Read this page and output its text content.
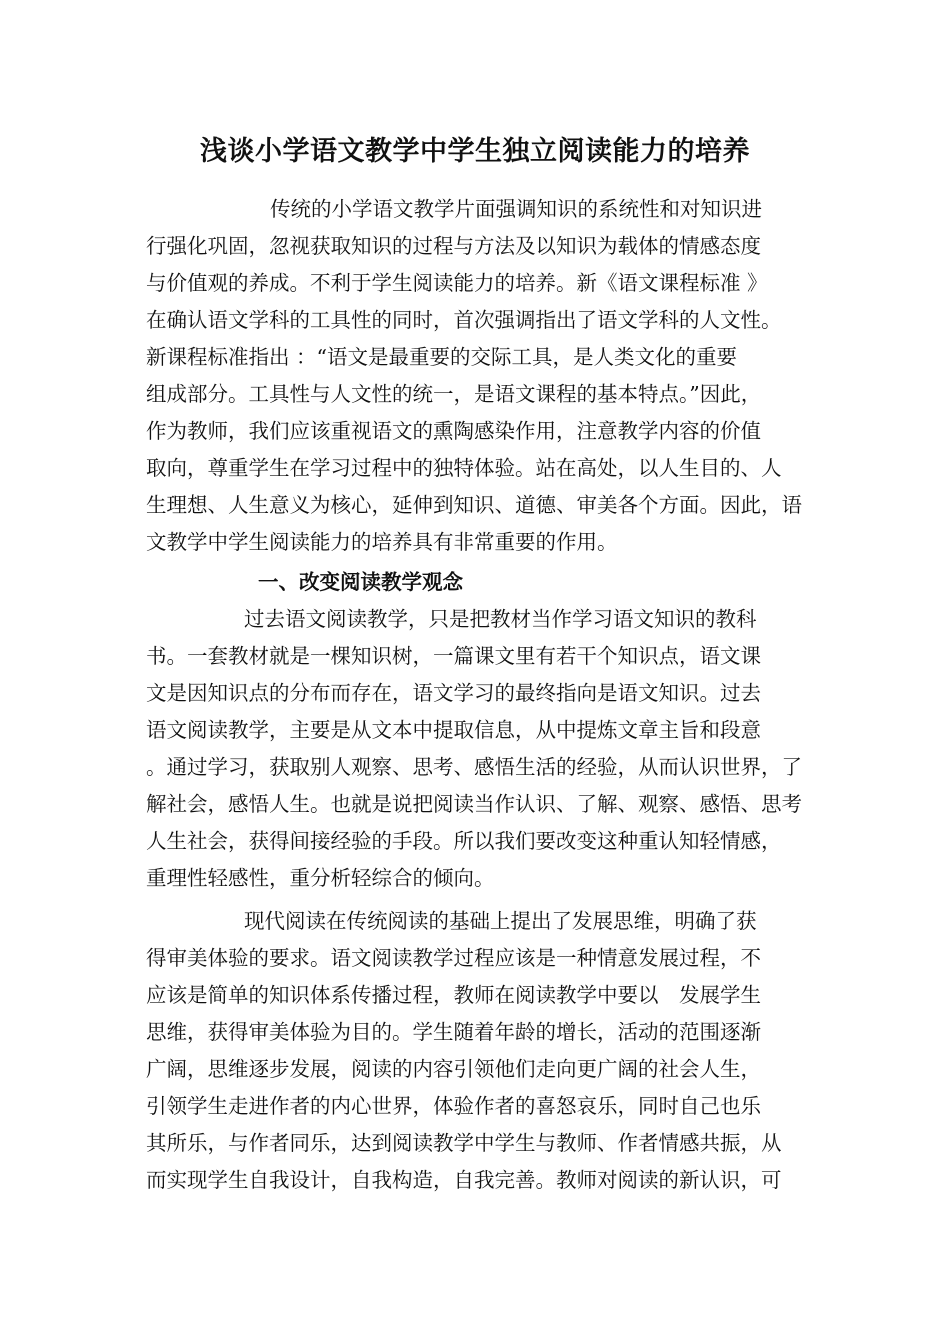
浅谈小学语文教学中学生独立阅读能力的培养
传统的小学语文教学片面强调知识的系统性和对知识进
行强化巩固，忽视获取知识的过程与方法及以知识为载体的情感态度
与价值观的养成。不利于学生阅读能力的培养。新《语文课程标准 》
在确认语文学科的工具性的同时，首次强调指出了语文学科的人文性。
新课程标准指出 ：“语文是最重要的交际工具，是人类文化的重要
组成部分。工具性与人文性的统一，是语文课程的基本特点。”因此，
作为教师，我们应该重视语文的熏陶感染作用，注意教学内容的价值
取向，尊重学生在学习过程中的独特体验。站在高处，以人生目的、人
生理想、人生意义为核心，延伸到知识、道德、审美各个方面。因此，语
文教学中学生阅读能力的培养具有非常重要的作用。
一、改变阅读教学观念
过去语文阅读教学，只是把教材当作学习语文知识的教科
书。一套教材就是一棵知识树，一篇课文里有若干个知识点，语文课
文是因知识点的分布而存在，语文学习的最终指向是语文知识。过去
语文阅读教学，主要是从文本中提取信息，从中提炼文章主旨和段意
。通过学习，获取别人观察、思考、感悟生活的经验，从而认识世界，了
解社会，感悟人生。也就是说把阅读当作认识、了解、观察、感悟、思考
人生社会，获得间接经验的手段。所以我们要改变这种重认知轻情感，
重理性轻感性，重分析轻综合的倾向。
现代阅读在传统阅读的基础上提出了发展思维，明确了获
得审美体验的要求。语文阅读教学过程应该是一种情意发展过程，不
应该是简单的知识体系传播过程，教师在阅读教学中要以　发展学生
思维，获得审美体验为目的。学生随着年龄的增长，活动的范围逐渐
广阔，思维逐步发展，阅读的内容引领他们走向更广阔的社会人生，
引领学生走进作者的内心世界，体验作者的喜怒哀乐，同时自己也乐
其所乐，与作者同乐，达到阅读教学中学生与教师、作者情感共振，从
而实现学生自我设计，自我构造，自我完善。教师对阅读的新认识，可
